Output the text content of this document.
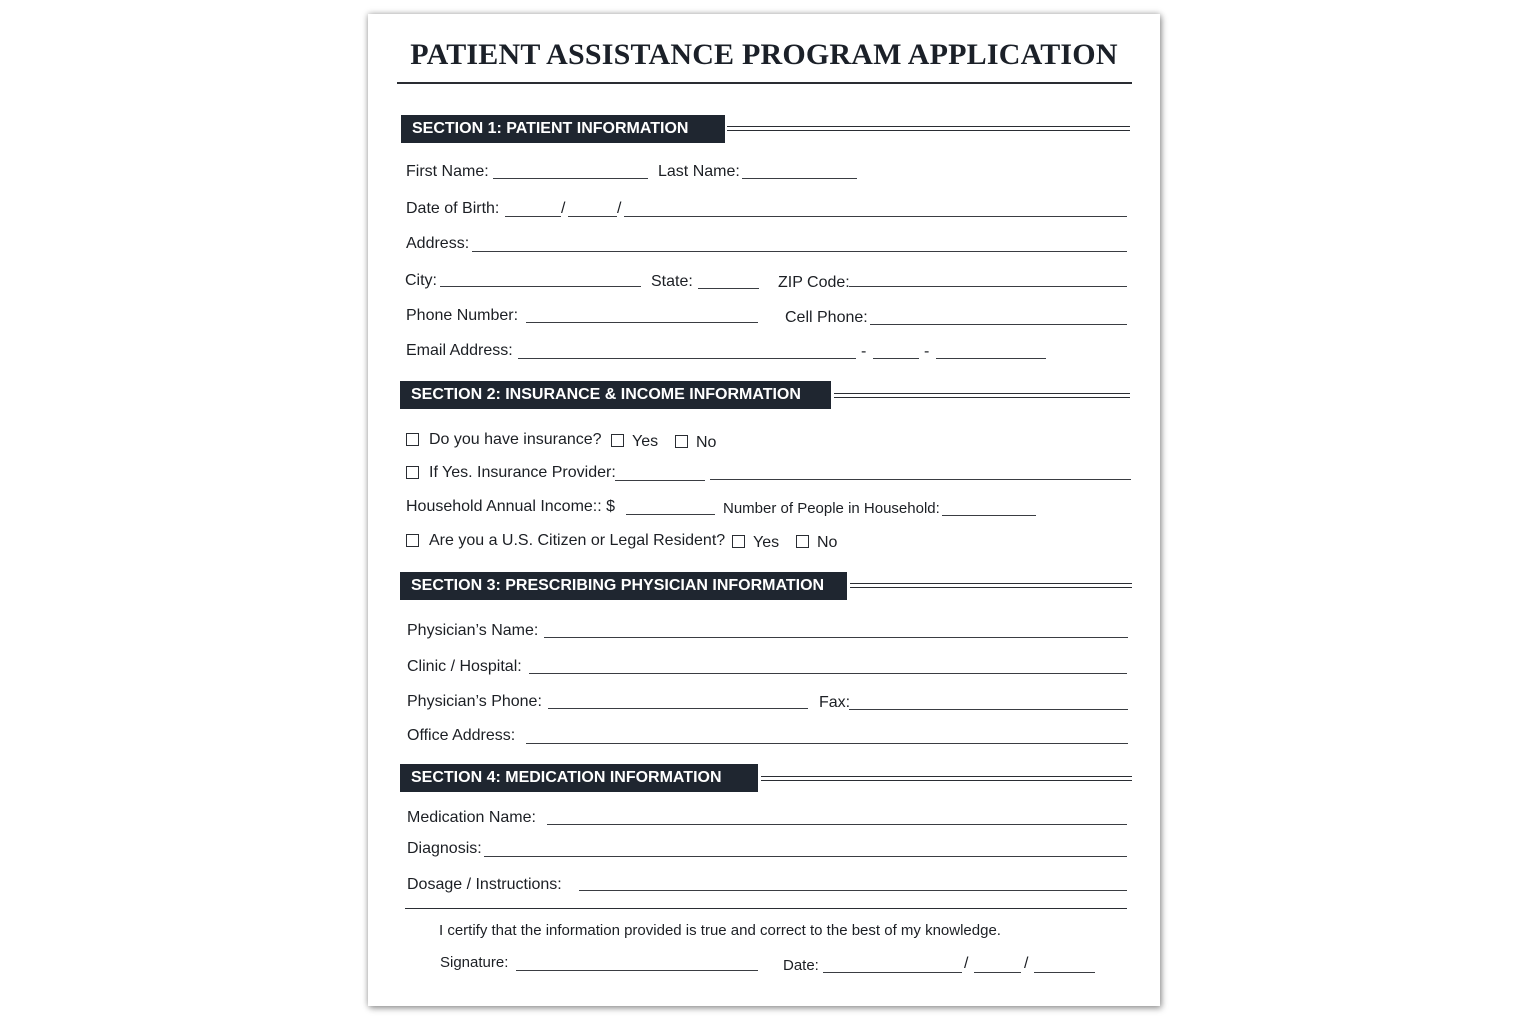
PATIENT ASSISTANCE PROGRAM APPLICATION
SECTION 1: PATIENT INFORMATION
First Name:	Last Name:
Date of Birth:	/	/
Address:
City:	State:	ZIP Code:
Phone Number:	Cell Phone:
Email Address:	-	-
SECTION 2: INSURANCE & INCOME INFORMATION
Do you have insurance? Yes No
If Yes. Insurance Provider:
Household Annual Income:: $	Number of People in Household:
Are you a U.S. Citizen or Legal Resident? Yes No
SECTION 3: PRESCRIBING PHYSICIAN INFORMATION
Physician’s Name:
Clinic / Hospital:
Physician’s Phone:	Fax:
Office Address:
SECTION 4: MEDICATION INFORMATION
Medication Name:
Diagnosis:
Dosage / Instructions:
I certify that the information provided is true and correct to the best of my knowledge.
Signature:	Date:	/	/
